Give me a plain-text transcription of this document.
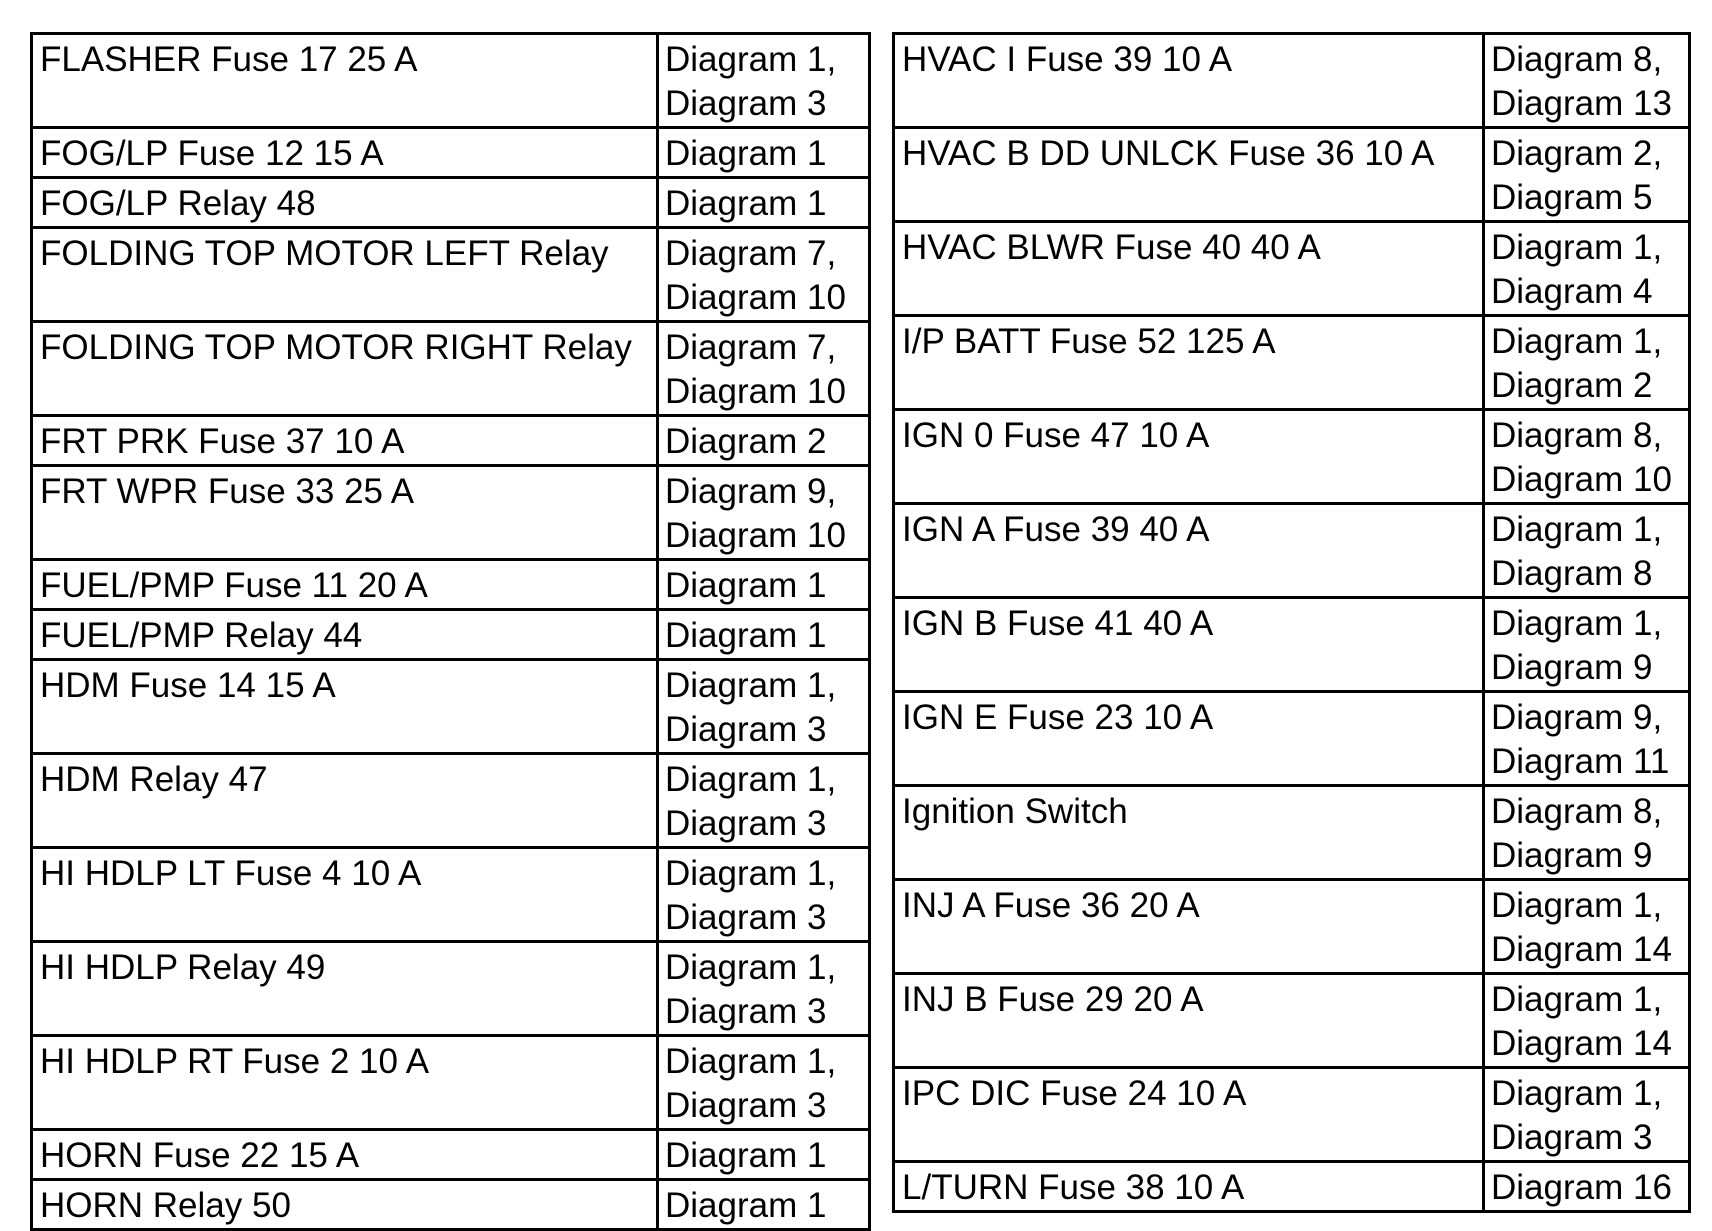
FLASHER Fuse 17 25 A	Diagram 1,
Diagram 3

FOG/LP Fuse 12 15 A	Diagram 1

FOG/LP Relay 48	Diagram 1

FOLDING TOP MOTOR LEFT Relay	Diagram 7,
Diagram 10

FOLDING TOP MOTOR RIGHT Relay	Diagram 7,
Diagram 10

FRT PRK Fuse 37 10 A	Diagram 2

FRT WPR Fuse 33 25 A	Diagram 9,
Diagram 10

FUEL/PMP Fuse 11 20 A	Diagram 1

FUEL/PMP Relay 44	Diagram 1

HDM Fuse 14 15 A	Diagram 1,
Diagram 3

HDM Relay 47	Diagram 1,
Diagram 3

HI HDLP LT Fuse 4 10 A	Diagram 1,
Diagram 3

HI HDLP Relay 49	Diagram 1,
Diagram 3

HI HDLP RT Fuse 2 10 A	Diagram 1,
Diagram 3

HORN Fuse 22 15 A	Diagram 1

HORN Relay 50	Diagram 1
HVAC I Fuse 39 10 A	Diagram 8,
Diagram 13

HVAC B DD UNLCK Fuse 36 10 A	Diagram 2,
Diagram 5

HVAC BLWR Fuse 40 40 A	Diagram 1,
Diagram 4

I/P BATT Fuse 52 125 A	Diagram 1,
Diagram 2

IGN 0 Fuse 47 10 A	Diagram 8,
Diagram 10

IGN A Fuse 39 40 A	Diagram 1,
Diagram 8

IGN B Fuse 41 40 A	Diagram 1,
Diagram 9

IGN E Fuse 23 10 A	Diagram 9,
Diagram 11

Ignition Switch	Diagram 8,
Diagram 9

INJ A Fuse 36 20 A	Diagram 1,
Diagram 14

INJ B Fuse 29 20 A	Diagram 1,
Diagram 14

IPC DIC Fuse 24 10 A	Diagram 1,
Diagram 3

L/TURN Fuse 38 10 A	Diagram 16
